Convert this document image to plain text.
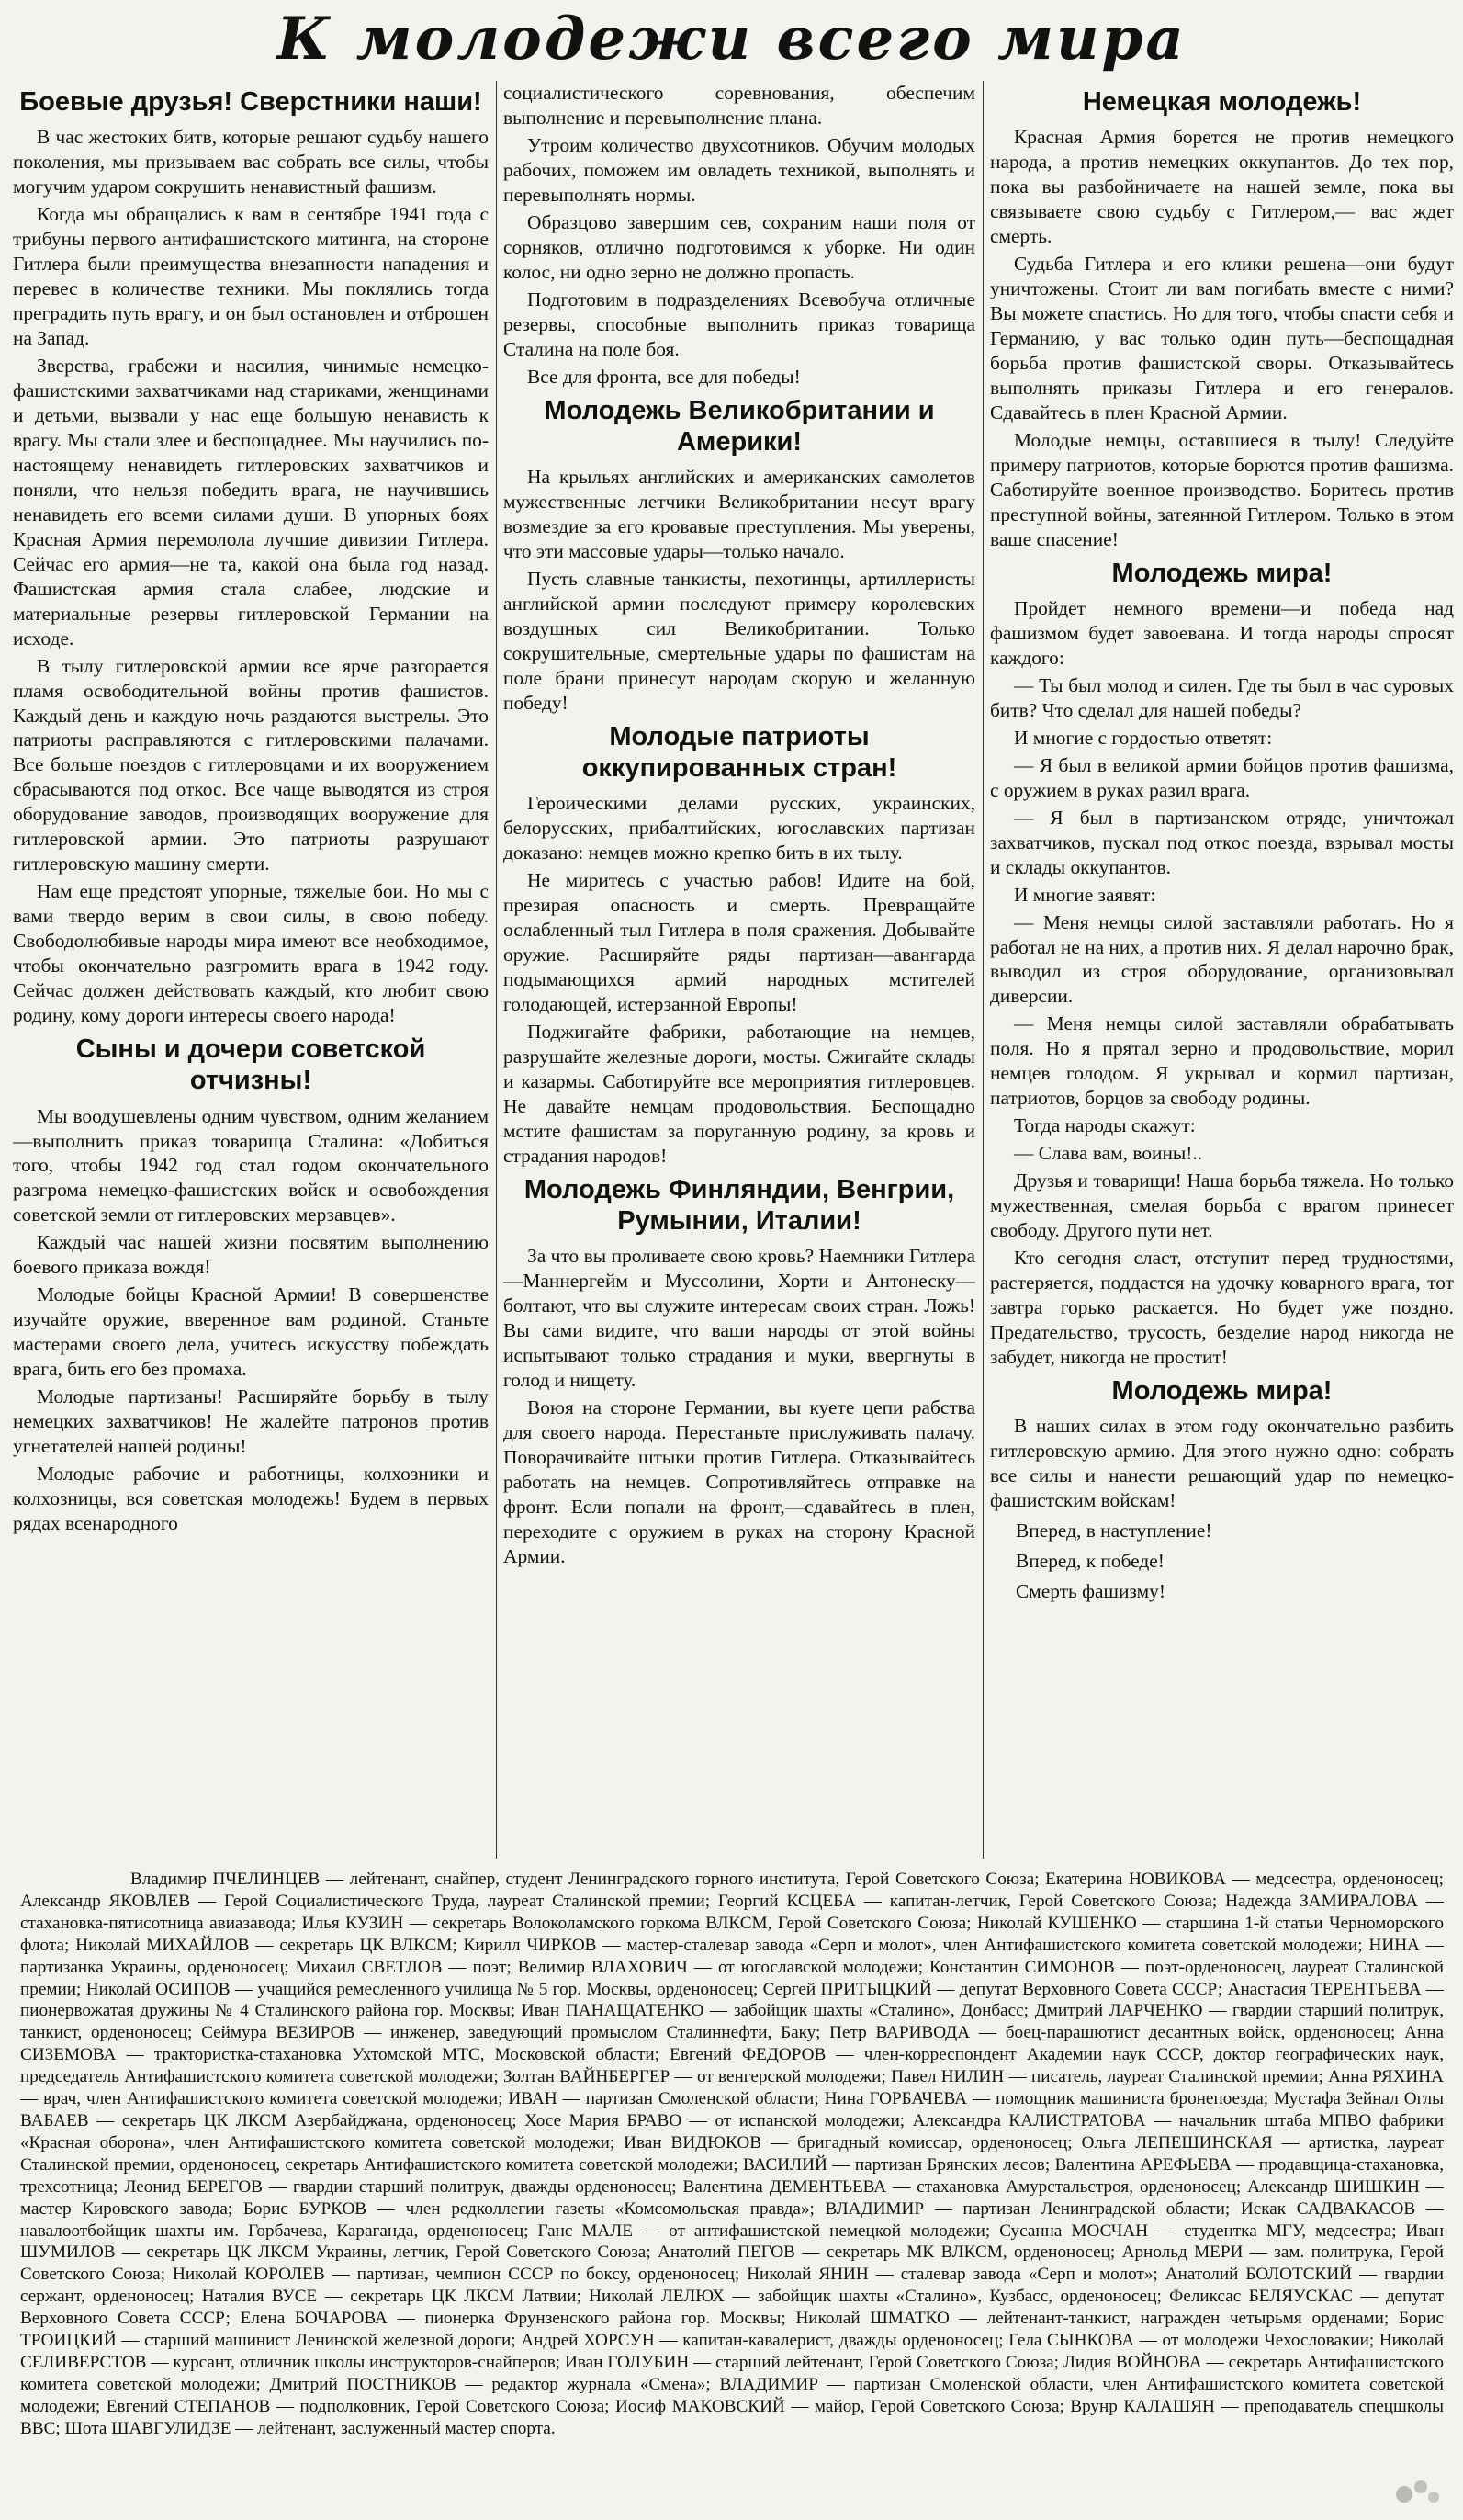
К молодежи всего мира
Боевые друзья! Сверстники наши!

В час жестоких битв, которые решают судьбу нашего поколения, мы призываем вас собрать все силы, чтобы могучим ударом сокрушить ненавистный фашизм.

Когда мы обращались к вам в сентябре 1941 года с трибуны первого антифашистского митинга, на стороне Гитлера были преимущества внезапности нападения и перевес в количестве техники. Мы поклялись тогда преградить путь врагу, и он был остановлен и отброшен на Запад.

Зверства, грабежи и насилия, чинимые немецко-фашистскими захватчиками над стариками, женщинами и детьми, вызвали у нас еще большую ненависть к врагу. Мы стали злее и беспощаднее. Мы научились по-настоящему ненавидеть гитлеровских захватчиков и поняли, что нельзя победить врага, не научившись ненавидеть его всеми силами души. В упорных боях Красная Армия перемолола лучшие дивизии Гитлера. Сейчас его армия—не та, какой она была год назад. Фашистская армия стала слабее, людские и материальные резервы гитлеровской Германии на исходе.

В тылу гитлеровской армии все ярче разгорается пламя освободительной войны против фашистов. Каждый день и каждую ночь раздаются выстрелы. Это патриоты расправляются с гитлеровскими палачами. Все больше поездов с гитлеровцами и их вооружением сбрасываются под откос. Все чаще выводятся из строя оборудование заводов, производящих вооружение для гитлеровской армии. Это патриоты разрушают гитлеровскую машину смерти.

Нам еще предстоят упорные, тяжелые бои. Но мы с вами твердо верим в свои силы, в свою победу. Свободолюбивые народы мира имеют все необходимое, чтобы окончательно разгромить врага в 1942 году. Сейчас должен действовать каждый, кто любит свою родину, кому дороги интересы своего народа!

Сыны и дочери советской отчизны!

Мы воодушевлены одним чувством, одним желанием—выполнить приказ товарища Сталина: «Добиться того, чтобы 1942 год стал годом окончательного разгрома немецко-фашистских войск и освобождения советской земли от гитлеровских мерзавцев».

Каждый час нашей жизни посвятим выполнению боевого приказа вождя!

Молодые бойцы Красной Армии! В совершенстве изучайте оружие, вверенное вам родиной. Станьте мастерами своего дела, учитесь искусству побеждать врага, бить его без промаха.

Молодые партизаны! Расширяйте борьбу в тылу немецких захватчиков! Не жалейте патронов против угнетателей нашей родины!

Молодые рабочие и работницы, колхозники и колхозницы, вся советская молодежь! Будем в первых рядах всенародного

социалистического соревнования, обеспечим выполнение и перевыполнение плана.

Утроим количество двухсотников. Обучим молодых рабочих, поможем им овладеть техникой, выполнять и перевыполнять нормы.

Образцово завершим сев, сохраним наши поля от сорняков, отлично подготовимся к уборке. Ни один колос, ни одно зерно не должно пропасть.

Подготовим в подразделениях Всевобуча отличные резервы, способные выполнить приказ товарища Сталина на поле боя.

Все для фронта, все для победы!

Молодежь Великобритании и Америки!

На крыльях английских и американских самолетов мужественные летчики Великобритании несут врагу возмездие за его кровавые преступления. Мы уверены, что эти массовые удары—только начало.

Пусть славные танкисты, пехотинцы, артиллеристы английской армии последуют примеру королевских воздушных сил Великобритании. Только сокрушительные, смертельные удары по фашистам на поле брани принесут народам скорую и желанную победу!

Молодые патриоты оккупированных стран!

Героическими делами русских, украинских, белорусских, прибалтийских, югославских партизан доказано: немцев можно крепко бить в их тылу.

Не миритесь с участью рабов! Идите на бой, презирая опасность и смерть. Превращайте ослабленный тыл Гитлера в поля сражения. Добывайте оружие. Расширяйте ряды партизан—авангарда подымающихся армий народных мстителей голодающей, истерзанной Европы!

Поджигайте фабрики, работающие на немцев, разрушайте железные дороги, мосты. Сжигайте склады и казармы. Саботируйте все мероприятия гитлеровцев. Не давайте немцам продовольствия. Беспощадно мстите фашистам за поруганную родину, за кровь и страдания народов!

Молодежь Финляндии, Венгрии, Румынии, Италии!

За что вы проливаете свою кровь? Наемники Гитлера—Маннергейм и Муссолини, Хорти и Антонеску—болтают, что вы служите интересам своих стран. Ложь! Вы сами видите, что ваши народы от этой войны испытывают только страдания и муки, ввергнуты в голод и нищету.

Воюя на стороне Германии, вы куете цепи рабства для своего народа. Перестаньте прислуживать палачу. Поворачивайте штыки против Гитлера. Отказывайтесь работать на немцев. Сопротивляйтесь отправке на фронт. Если попали на фронт,—сдавайтесь в плен, переходите с оружием в руках на сторону Красной Армии.

Немецкая молодежь!

Красная Армия борется не против немецкого народа, а против немецких оккупантов. До тех пор, пока вы разбойничаете на нашей земле, пока вы связываете свою судьбу с Гитлером,— вас ждет смерть.

Судьба Гитлера и его клики решена—они будут уничтожены. Стоит ли вам погибать вместе с ними? Вы можете спастись. Но для того, чтобы спасти себя и Германию, у вас только один путь—беспощадная борьба против фашистской своры. Отказывайтесь выполнять приказы Гитлера и его генералов. Сдавайтесь в плен Красной Армии.

Молодые немцы, оставшиеся в тылу! Следуйте примеру патриотов, которые борются против фашизма. Саботируйте военное производство. Боритесь против преступной войны, затеянной Гитлером. Только в этом ваше спасение!

Молодежь мира!

Пройдет немного времени—и победа над фашизмом будет завоевана. И тогда народы спросят каждого:

— Ты был молод и силен. Где ты был в час суровых битв? Что сделал для нашей победы?

И многие с гордостью ответят:

— Я был в великой армии бойцов против фашизма, с оружием в руках разил врага.

— Я был в партизанском отряде, уничтожал захватчиков, пускал под откос поезда, взрывал мосты и склады оккупантов.

И многие заявят:

— Меня немцы силой заставляли работать. Но я работал не на них, а против них. Я делал нарочно брак, выводил из строя оборудование, организовывал диверсии.

— Меня немцы силой заставляли обрабатывать поля. Но я прятал зерно и продовольствие, морил немцев голодом. Я укрывал и кормил партизан, патриотов, борцов за свободу родины.

Тогда народы скажут:

— Слава вам, воины!..

Друзья и товарищи! Наша борьба тяжела. Но только мужественная, смелая борьба с врагом принесет свободу. Другого пути нет.

Кто сегодня сласт, отступит перед трудностями, растеряется, поддастся на удочку коварного врага, тот завтра горько раскается. Но будет уже поздно. Предательство, трусость, безделие народ никогда не забудет, никогда не простит!

Молодежь мира!

В наших силах в этом году окончательно разбить гитлеровскую армию. Для этого нужно одно: собрать все силы и нанести решающий удар по немецко-фашистским войскам!

Вперед, в наступление!

Вперед, к победе!

Смерть фашизму!

Владимир ПЧЕЛИНЦЕВ — лейтенант, снайпер, студент Ленинградского горного института, Герой Советского Союза; Екатерина НОВИКОВА — медсестра, орденоносец; Александр ЯКОВЛЕВ — Герой Социалистического Труда, лауреат Сталинской премии; Георгий КСЦЕБА — капитан-летчик, Герой Советского Союза; Надежда ЗАМИРАЛОВА — стахановка-пятисотница авиазавода; Илья КУЗИН — секретарь Волоколамского горкома ВЛКСМ, Герой Советского Союза; Николай КУШЕНКО — старшина 1-й статьи Черноморского флота; Николай МИХАЙЛОВ — секретарь ЦК ВЛКСМ; Кирилл ЧИРКОВ — мастер-сталевар завода «Серп и молот», член Антифашистского комитета советской молодежи; НИНА — партизанка Украины, орденоносец; Михаил СВЕТЛОВ — поэт; Велимир ВЛАХОВИЧ — от югославской молодежи; Константин СИМОНОВ — поэт-орденоносец, лауреат Сталинской премии; Николай ОСИПОВ — учащийся ремесленного училища № 5 гор. Москвы, орденоносец; Сергей ПРИТЫЦКИЙ — депутат Верховного Совета СССР; Анастасия ТЕРЕНТЬЕВА — пионервожатая дружины № 4 Сталинского района гор. Москвы; Иван ПАНАЩАТЕНКО — забойщик шахты «Сталино», Донбасс; Дмитрий ЛАРЧЕНКО — гвардии старший политрук, танкист, орденоносец; Сеймура ВЕЗИРОВ — инженер, заведующий промыслом Сталиннефти, Баку; Петр ВАРИВОДА — боец-парашютист десантных войск, орденоносец; Анна СИЗЕМОВА — трактористка-стахановка Ухтомской МТС, Московской области; Евгений ФЕДОРОВ — член-корреспондент Академии наук СССР, доктор географических наук, председатель Антифашистского комитета советской молодежи; Золтан ВАЙНБЕРГЕР — от венгерской молодежи; Павел НИЛИН — писатель, лауреат Сталинской премии; Анна РЯХИНА — врач, член Антифашистского комитета советской молодежи; ИВАН — партизан Смоленской области; Нина ГОРБАЧЕВА — помощник машиниста бронепоезда; Мустафа Зейнал Оглы ВАБАЕВ — секретарь ЦК ЛКСМ Азербайджана, орденоносец; Хосе Мария БРАВО — от испанской молодежи; Александра КАЛИСТРАТОВА — начальник штаба МПВО фабрики «Красная оборона», член Антифашистского комитета советской молодежи; Иван ВИДЮКОВ — бригадный комиссар, орденоносец; Ольга ЛЕПЕШИНСКАЯ — артистка, лауреат Сталинской премии, орденоносец, секретарь Антифашистского комитета советской молодежи; ВАСИЛИЙ — партизан Брянских лесов; Валентина АРЕФЬЕВА — продавщица-стахановка, трехсотница; Леонид БЕРЕГОВ — гвардии старший политрук, дважды орденоносец; Валентина ДЕМЕНТЬЕВА — стахановка Амурстальстроя, орденоносец; Александр ШИШКИН — мастер Кировского завода; Борис БУРКОВ — член редколлегии газеты «Комсомольская правда»; ВЛАДИМИР — партизан Ленинградской области; Искак САДВАКАСОВ — навалоотбойщик шахты им. Горбачева, Караганда, орденоносец; Ганс МАЛЕ — от антифашистской немецкой молодежи; Сусанна МОСЧАН — студентка МГУ, медсестра; Иван ШУМИЛОВ — секретарь ЦК ЛКСМ Украины, летчик, Герой Советского Союза; Анатолий ПЕГОВ — секретарь МК ВЛКСМ, орденоносец; Арнольд МЕРИ — зам. политрука, Герой Советского Союза; Николай КОРОЛЕВ — партизан, чемпион СССР по боксу, орденоносец; Николай ЯНИН — сталевар завода «Серп и молот»; Анатолий БОЛОТСКИЙ — гвардии сержант, орденоносец; Наталия ВУСЕ — секретарь ЦК ЛКСМ Латвии; Николай ЛЕЛЮХ — забойщик шахты «Сталино», Кузбасс, орденоносец; Феликсас БЕЛЯУСКАС — депутат Верховного Совета СССР; Елена БОЧАРОВА — пионерка Фрунзенского района гор. Москвы; Николай ШМАТКО — лейтенант-танкист, награжден четырьмя орденами; Борис ТРОИЦКИЙ — старший машинист Ленинской железной дороги; Андрей ХОРСУН — капитан-кавалерист, дважды орденоносец; Гела СЫНКОВА — от молодежи Чехословакии; Николай СЕЛИВЕРСТОВ — курсант, отличник школы инструкторов-снайперов; Иван ГОЛУБИН — старший лейтенант, Герой Советского Союза; Лидия ВОЙНОВА — секретарь Антифашистского комитета советской молодежи; Дмитрий ПОСТНИКОВ — редактор журнала «Смена»; ВЛАДИМИР — партизан Смоленской области, член Антифашистского комитета советской молодежи; Евгений СТЕПАНОВ — подполковник, Герой Советского Союза; Иосиф МАКОВСКИЙ — майор, Герой Советского Союза; Врунр КАЛАШЯН — преподаватель спецшколы ВВС; Шота ШАВГУЛИДЗЕ — лейтенант, заслуженный мастер спорта.
